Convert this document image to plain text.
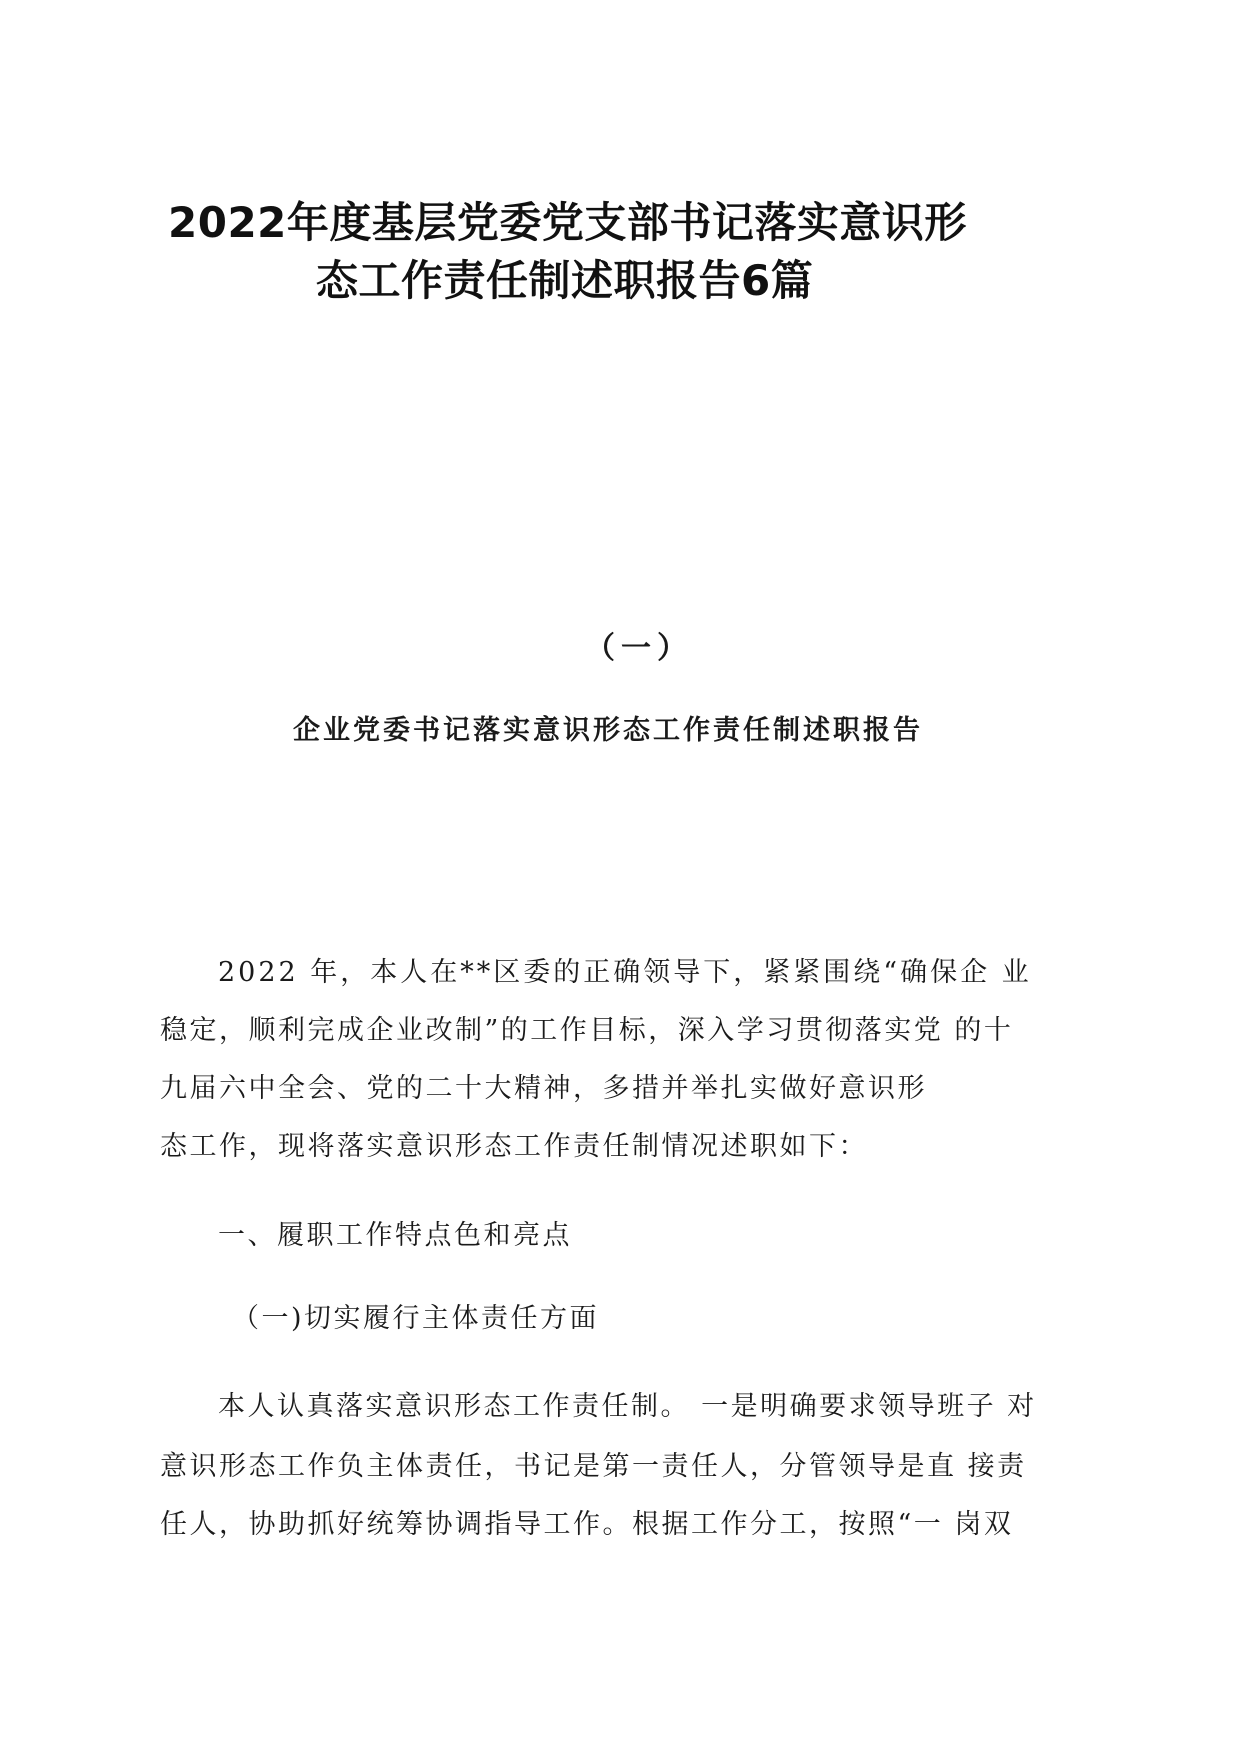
2022年度基层党委党支部书记落实意识形
态工作责任制述职报告6篇
（一）
企业党委书记落实意识形态工作责任制述职报告
2022 年，本人在**区委的正确领导下，紧紧围绕“确保企 业
稳定，顺利完成企业改制”的工作目标，深入学习贯彻落实党 的十
九届六中全会、党的二十大精神，多措并举扎实做好意识形
态工作，现将落实意识形态工作责任制情况述职如下：
一、履职工作特点色和亮点
（一)切实履行主体责任方面
本人认真落实意识形态工作责任制。 一是明确要求领导班子 对
意识形态工作负主体责任，书记是第一责任人，分管领导是直 接责
任人，协助抓好统筹协调指导工作。根据工作分工，按照“一 岗双
